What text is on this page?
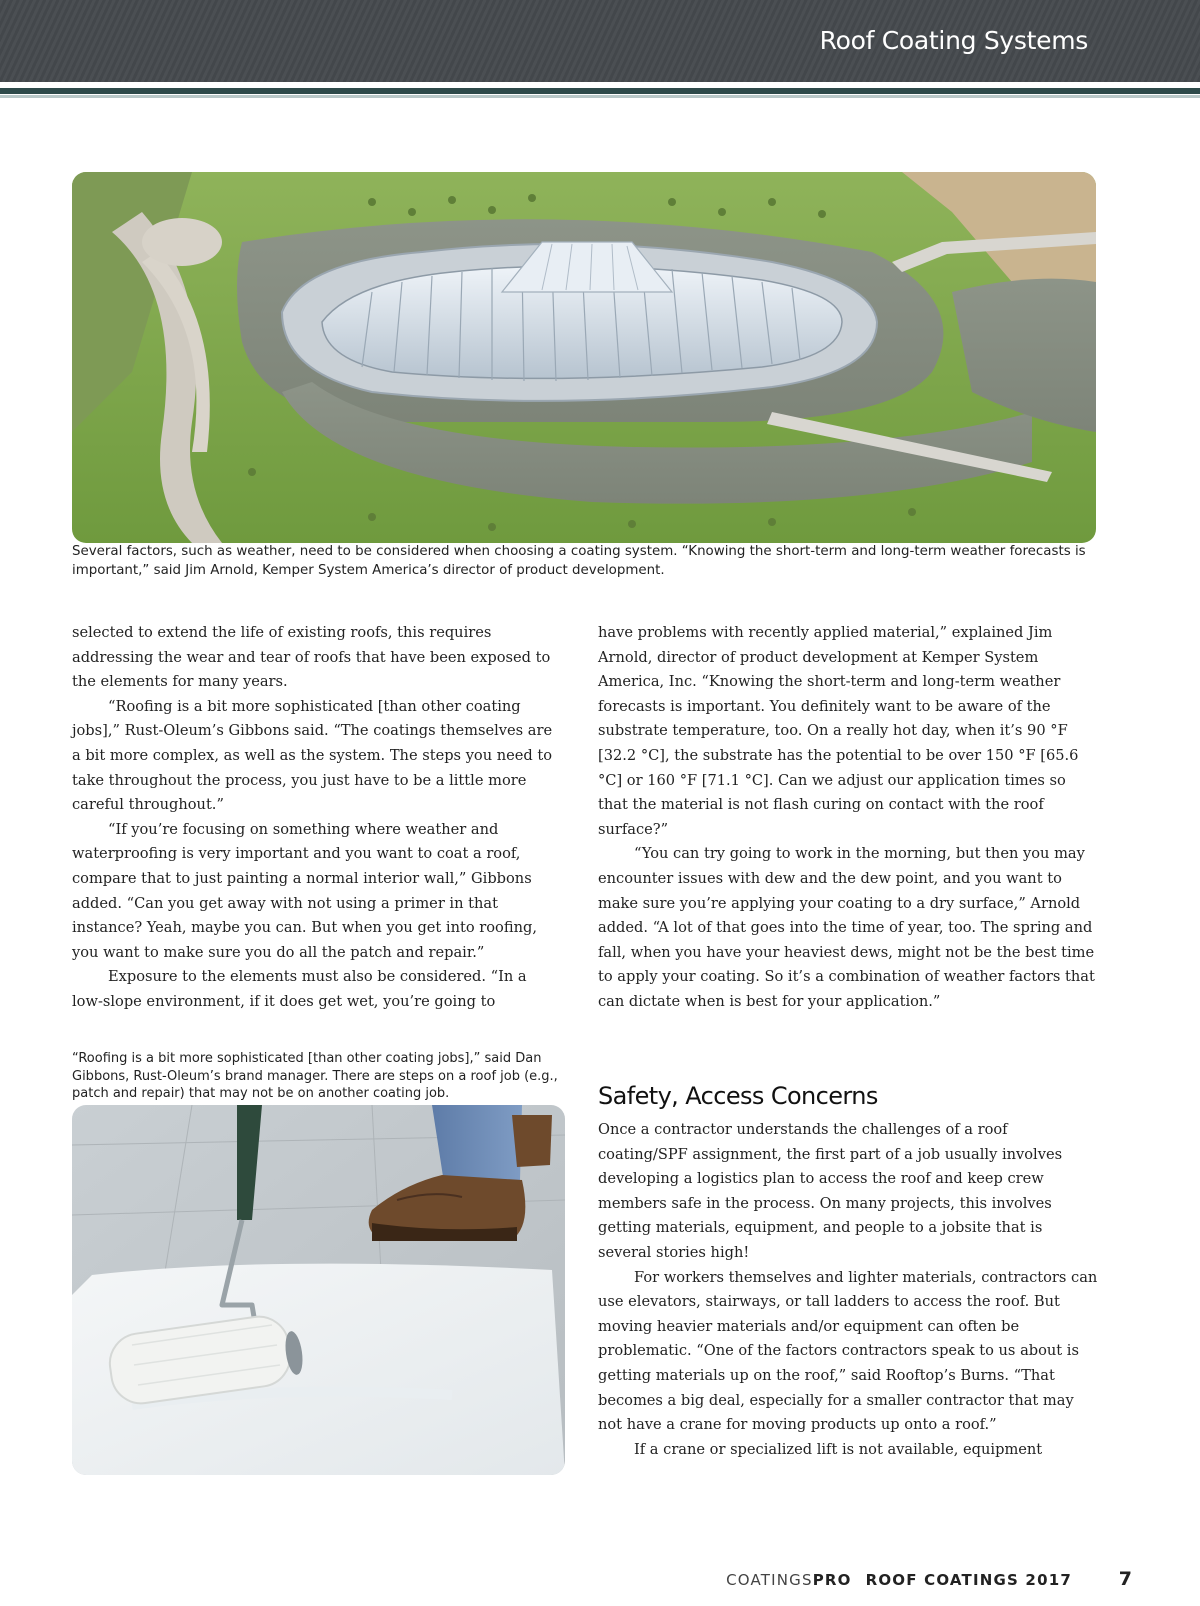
Roof Coating Systems
Several factors, such as weather, need to be considered when choosing a coating system. “Knowing the short-term and long-term weather forecasts is important,” said Jim Arnold, Kemper System America’s director of product development.

selected to extend the life of existing roofs, this requires addressing the wear and tear of roofs that have been exposed to the elements for many years.

“Roofing is a bit more sophisticated [than other coating jobs],” Rust-Oleum’s Gibbons said. “The coatings themselves are a bit more complex, as well as the system. The steps you need to take throughout the process, you just have to be a little more careful throughout.”

“If you’re focusing on something where weather and waterproofing is very important and you want to coat a roof, compare that to just painting a normal interior wall,” Gibbons added. “Can you get away with not using a primer in that instance? Yeah, maybe you can. But when you get into roofing, you want to make sure you do all the patch and repair.”

Exposure to the elements must also be considered. “In a low-slope environment, if it does get wet, you’re going to

have problems with recently applied material,” explained Jim Arnold, director of product development at Kemper System America, Inc. “Knowing the short-term and long-term weather forecasts is important. You definitely want to be aware of the substrate temperature, too. On a really hot day, when it’s 90 °F [32.2 °C], the substrate has the potential to be over 150 °F [65.6 °C] or 160 °F [71.1 °C]. Can we adjust our application times so that the material is not flash curing on contact with the roof surface?”

“You can try going to work in the morning, but then you may encounter issues with dew and the dew point, and you want to make sure you’re applying your coating to a dry surface,” Arnold added. “A lot of that goes into the time of year, too. The spring and fall, when you have your heaviest dews, might not be the best time to apply your coating. So it’s a combination of weather factors that can dictate when is best for your application.”

“Roofing is a bit more sophisticated [than other coating jobs],” said Dan Gibbons, Rust-Oleum’s brand manager. There are steps on a roof job (e.g., patch and repair) that may not be on another coating job.	Safety, Access Concerns

Once a contractor understands the challenges of a roof coating/SPF assignment, the first part of a job usually involves developing a logistics plan to access the roof and keep crew members safe in the process. On many projects, this involves getting materials, equipment, and people to a jobsite that is several stories high!

For workers themselves and lighter materials, contractors can use elevators, stairways, or tall ladders to access the roof. But moving heavier materials and/or equipment can often be problematic. “One of the factors contractors speak to us about is getting materials up on the roof,” said Rooftop’s Burns. “That becomes a big deal, especially for a smaller contractor that may not have a crane for moving products up onto a roof.”

If a crane or specialized lift is not available, equipment

COATINGSPRO ROOF COATINGS 2017 7
